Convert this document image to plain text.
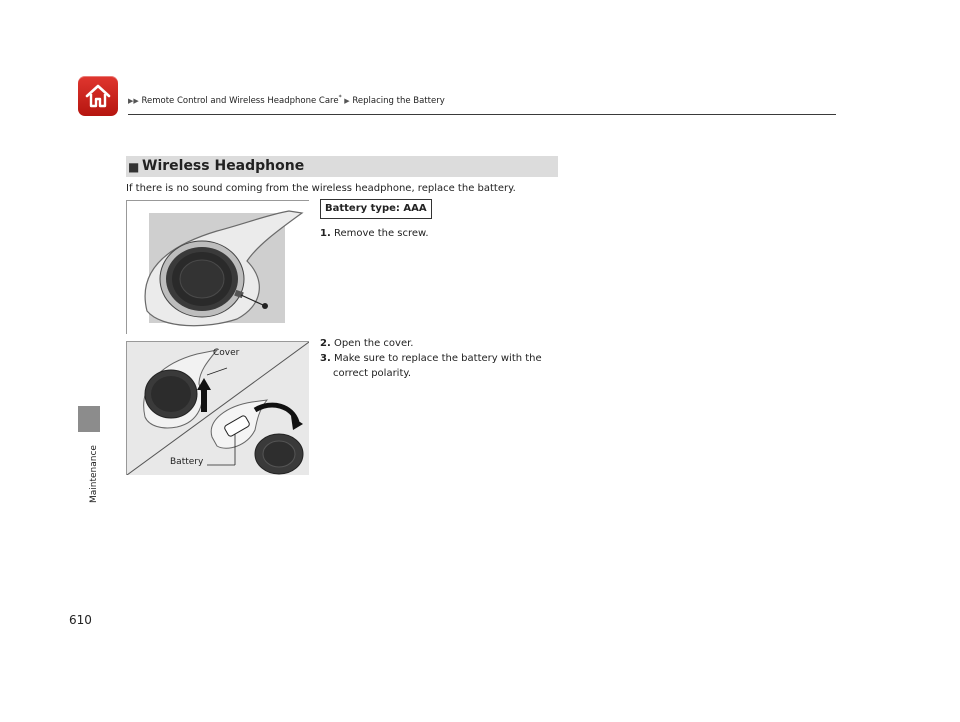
▶▶ Remote Control and Wireless Headphone Care* ▶ Replacing the Battery
Maintenance
■ Wireless Headphone
If there is no sound coming from the wireless headphone, replace the battery.
Battery type: AAA
1. Remove the screw.
Cover
Battery
2. Open the cover.
3. Make sure to replace the battery with the
correct polarity.
610
